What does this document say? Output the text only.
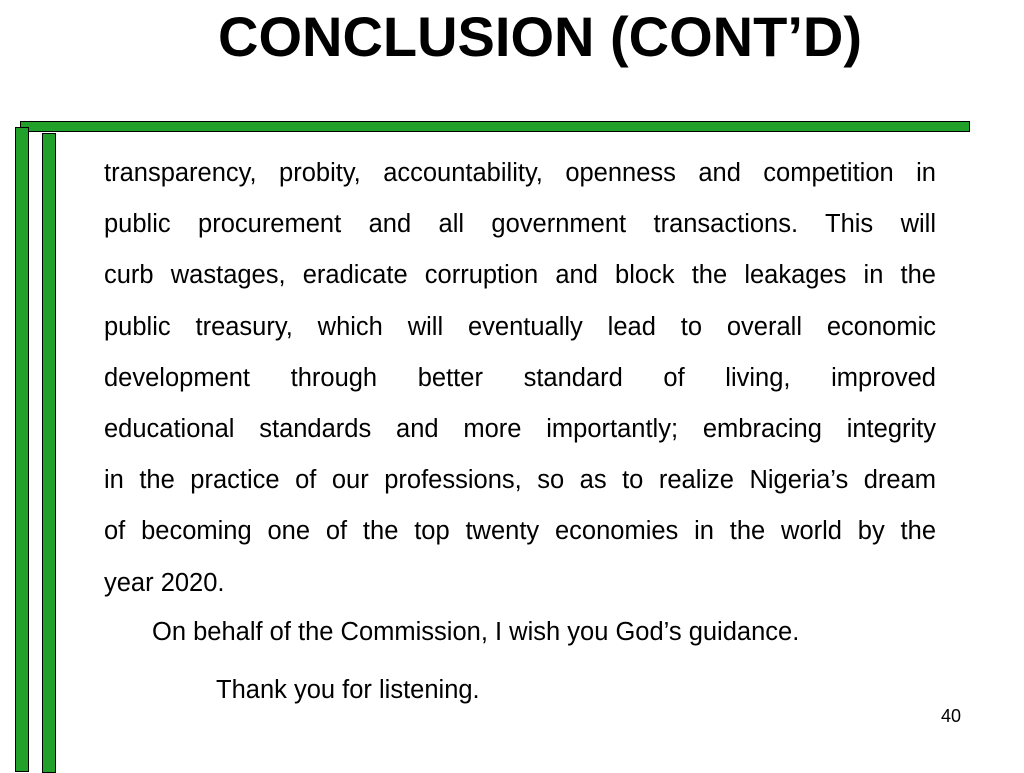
CONCLUSION (CONT’D)
transparency, probity, accountability, openness and competition in
public procurement and all government transactions. This will
curb wastages, eradicate corruption and block the leakages in the
public treasury, which will eventually lead to overall economic
development through better standard of living, improved
educational standards and more importantly; embracing integrity
in the practice of our professions, so as to realize Nigeria’s dream
of becoming one of the top twenty economies in the world by the
year 2020.
On behalf of the Commission, I wish you God’s guidance.
Thank you for listening.
40
